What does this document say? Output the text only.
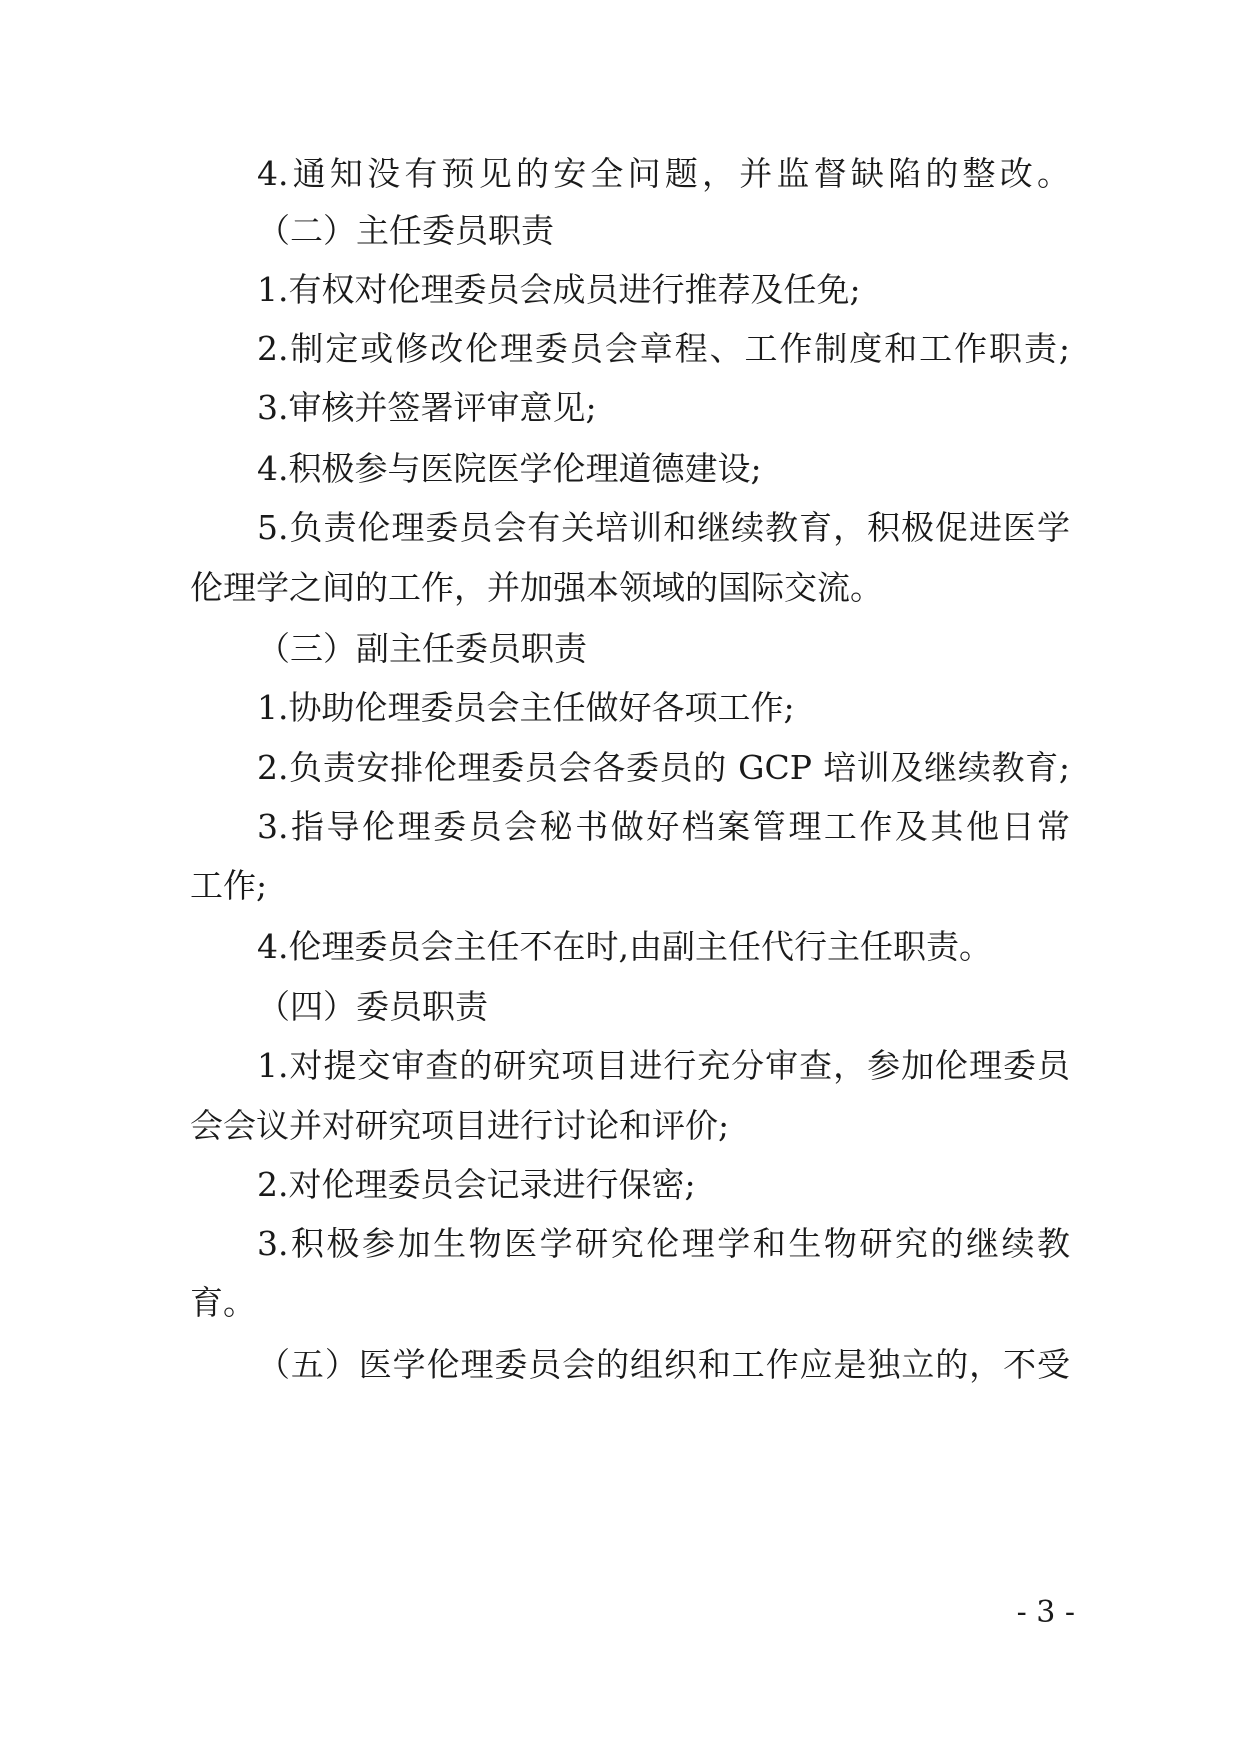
4.通知没有预见的安全问题，并监督缺陷的整改。
（二）主任委员职责
1.有权对伦理委员会成员进行推荐及任免;
2.制定或修改伦理委员会章程、工作制度和工作职责;
3.审核并签署评审意见;
4.积极参与医院医学伦理道德建设;
5.负责伦理委员会有关培训和继续教育，积极促进医学
伦理学之间的工作，并加强本领域的国际交流。
（三）副主任委员职责
1.协助伦理委员会主任做好各项工作;
2.负责安排伦理委员会各委员的 GCP 培训及继续教育;
3.指导伦理委员会秘书做好档案管理工作及其他日常
工作;
4.伦理委员会主任不在时,由副主任代行主任职责。
（四）委员职责
1.对提交审查的研究项目进行充分审查，参加伦理委员
会会议并对研究项目进行讨论和评价;
2.对伦理委员会记录进行保密;
3.积极参加生物医学研究伦理学和生物研究的继续教
育。
（五）医学伦理委员会的组织和工作应是独立的，不受
- 3 -
